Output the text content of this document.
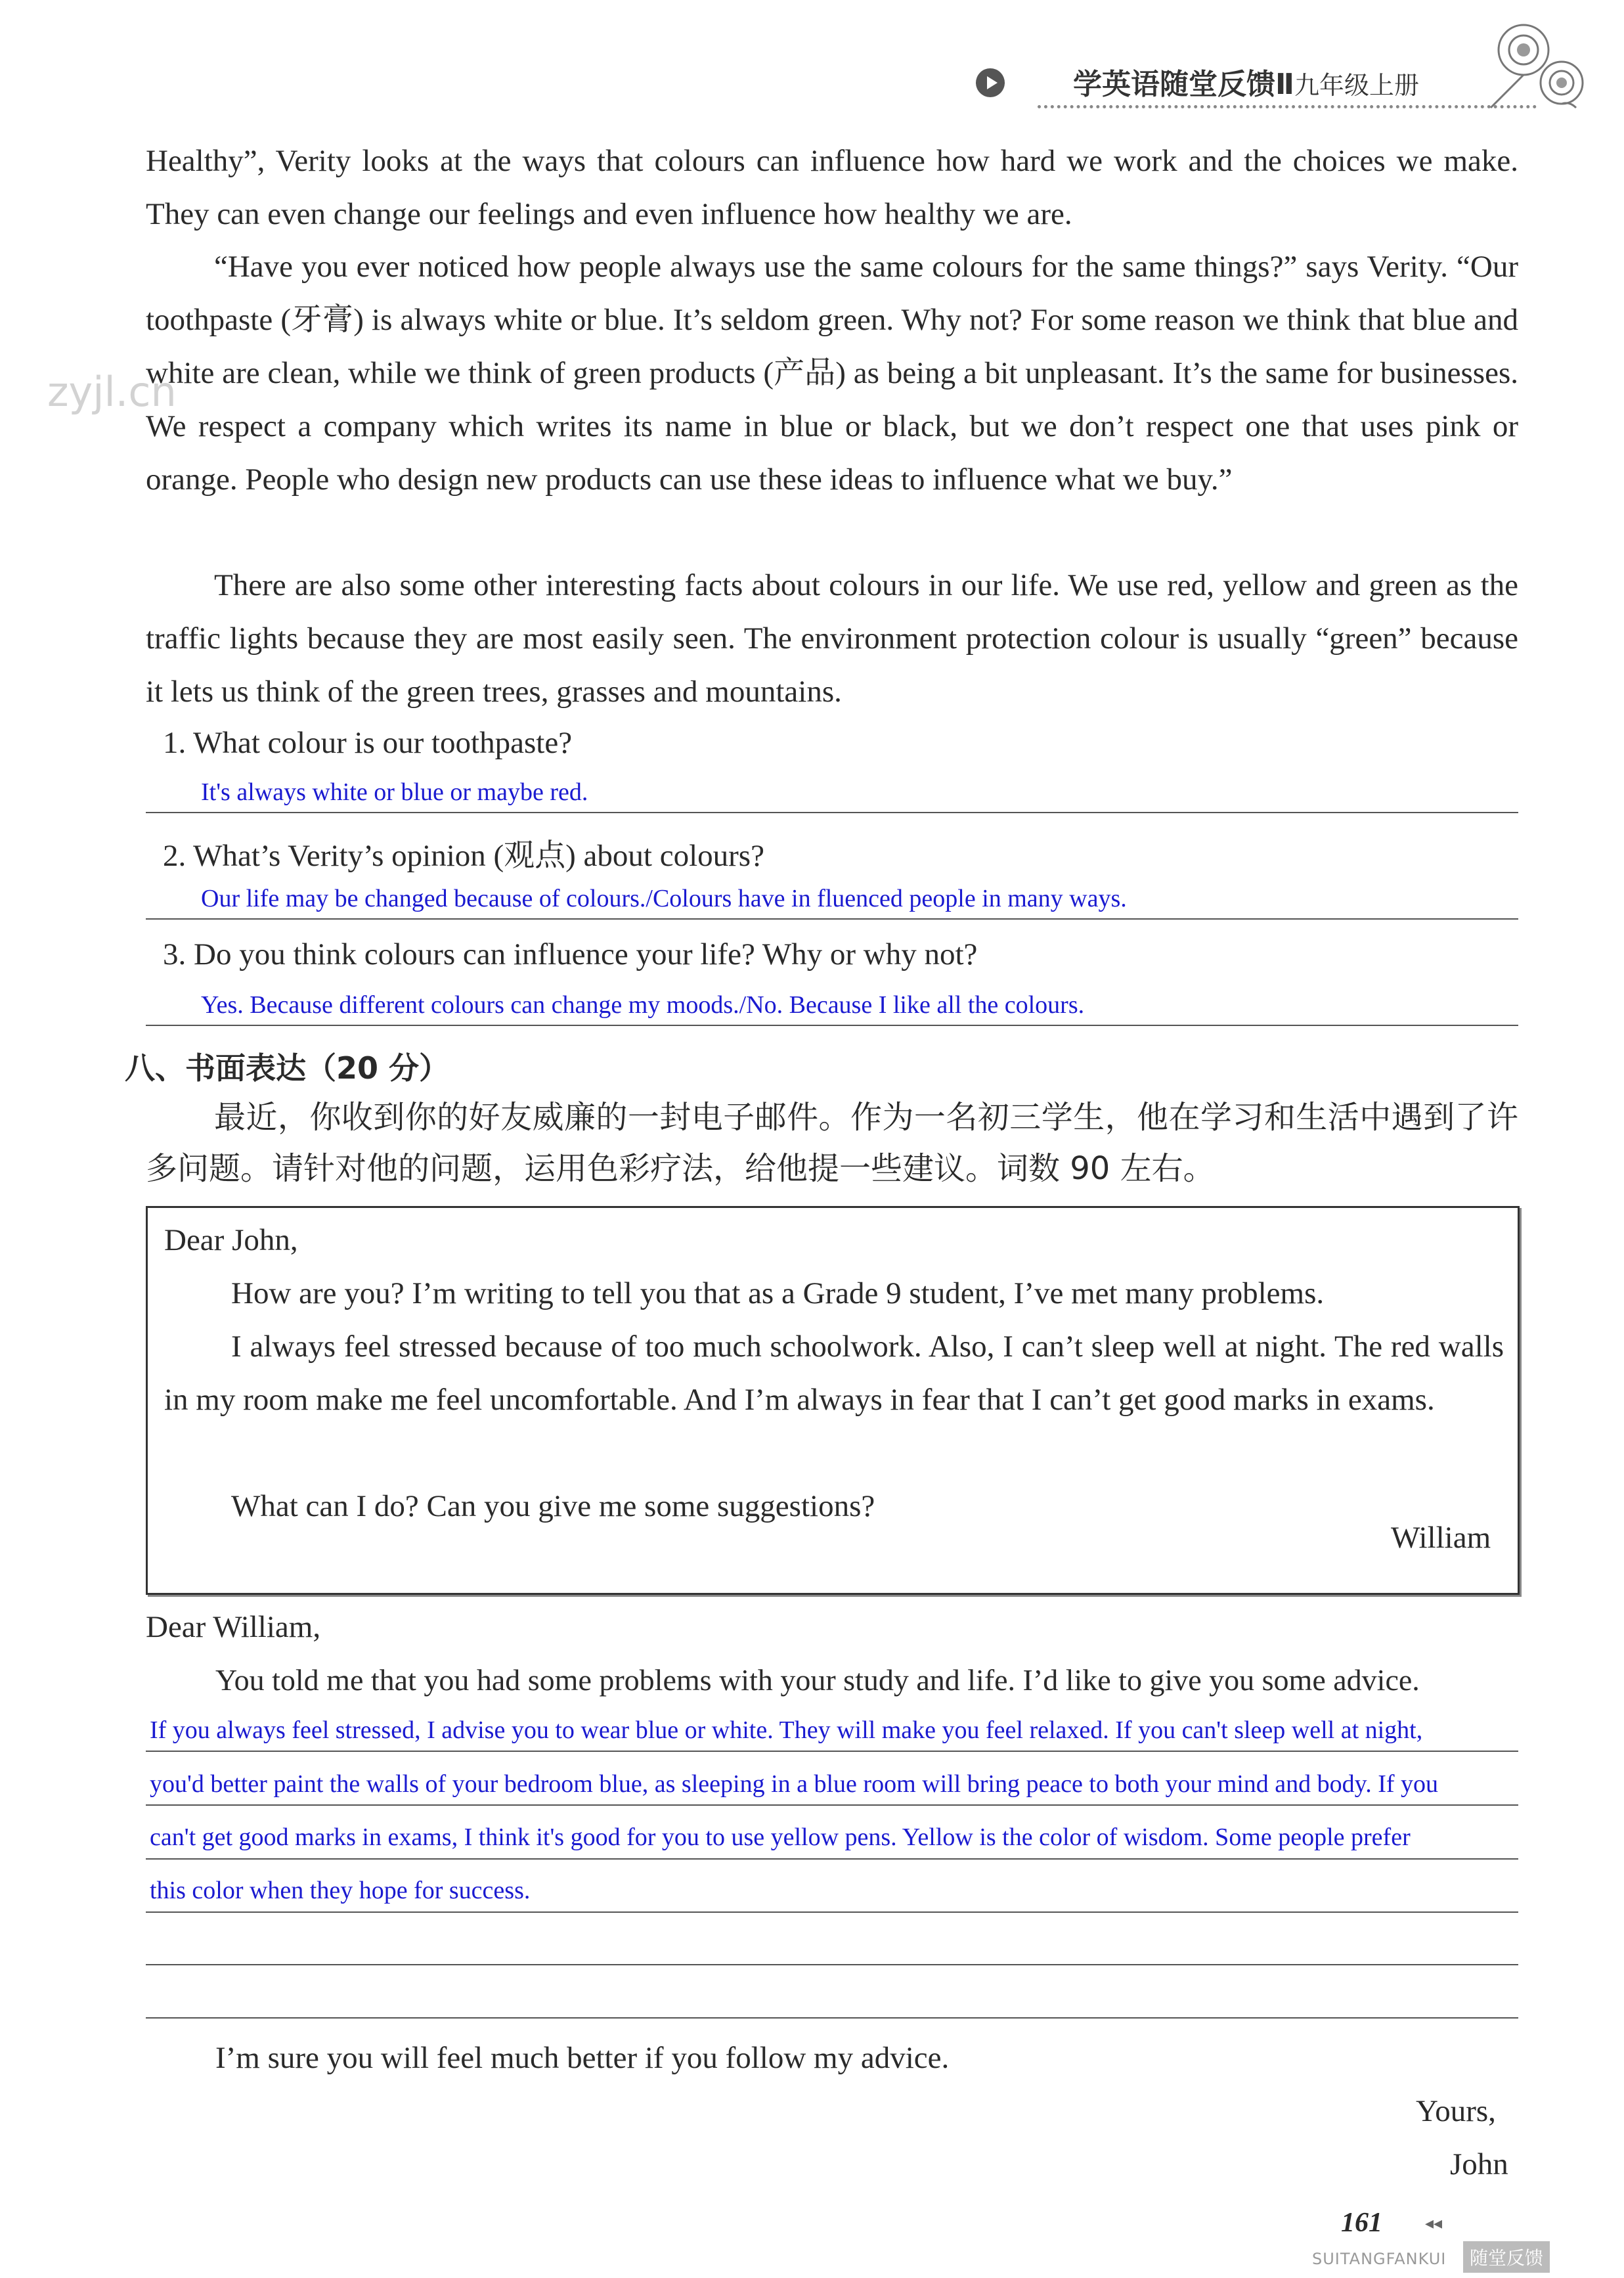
学英语随堂反馈Ⅱ九年级上册
zyjl.cn

Healthy”, Verity looks at the ways that colours can influence how hard we work and the choices we make. They can even change our feelings and even influence how healthy we are.

“Have you ever noticed how people always use the same colours for the same things?” says Verity. “Our toothpaste (牙膏) is always white or blue. It’s seldom green. Why not? For some reason we think that blue and white are clean, while we think of green products (产品) as being a bit unpleasant. It’s the same for businesses. We respect a company which writes its name in blue or black, but we don’t respect one that uses pink or orange. People who design new products can use these ideas to influence what we buy.”

There are also some other interesting facts about colours in our life. We use red, yellow and green as the traffic lights because they are most easily seen. The environment protection colour is usually “green” because it lets us think of the green trees, grasses and mountains.

1. What colour is our toothpaste?
It's always white or blue or maybe red.
2. What’s Verity’s opinion (观点) about colours?
Our life may be changed because of colours./Colours have in fluenced people in many ways.
3. Do you think colours can influence your life? Why or why not?
Yes. Because different colours can change my moods./No. Because I like all the colours.
八、书面表达（20 分）

最近，你收到你的好友威廉的一封电子邮件。作为一名初三学生，他在学习和生活中遇到了许多问题。请针对他的问题，运用色彩疗法，给他提一些建议。词数 90 左右。

Dear John,

How are you? I’m writing to tell you that as a Grade 9 student, I’ve met many problems.

I always feel stressed because of too much schoolwork. Also, I can’t sleep well at night. The red walls in my room make me feel uncomfortable. And I’m always in fear that I can’t get good marks in exams.

What can I do? Can you give me some suggestions?

William
Dear William,
You told me that you had some problems with your study and life. I’d like to give you some advice.
If you always feel stressed, I advise you to wear blue or white. They will make you feel relaxed. If you can't sleep well at night,
you'd better paint the walls of your bedroom blue, as sleeping in a blue room will bring peace to both your mind and body. If you
can't get good marks in exams, I think it's good for you to use yellow pens. Yellow is the color of wisdom. Some people prefer
this color when they hope for success.
I’m sure you will feel much better if you follow my advice.
Yours,
John
161	◂◂
SUITANGFANKUI	随堂反馈
